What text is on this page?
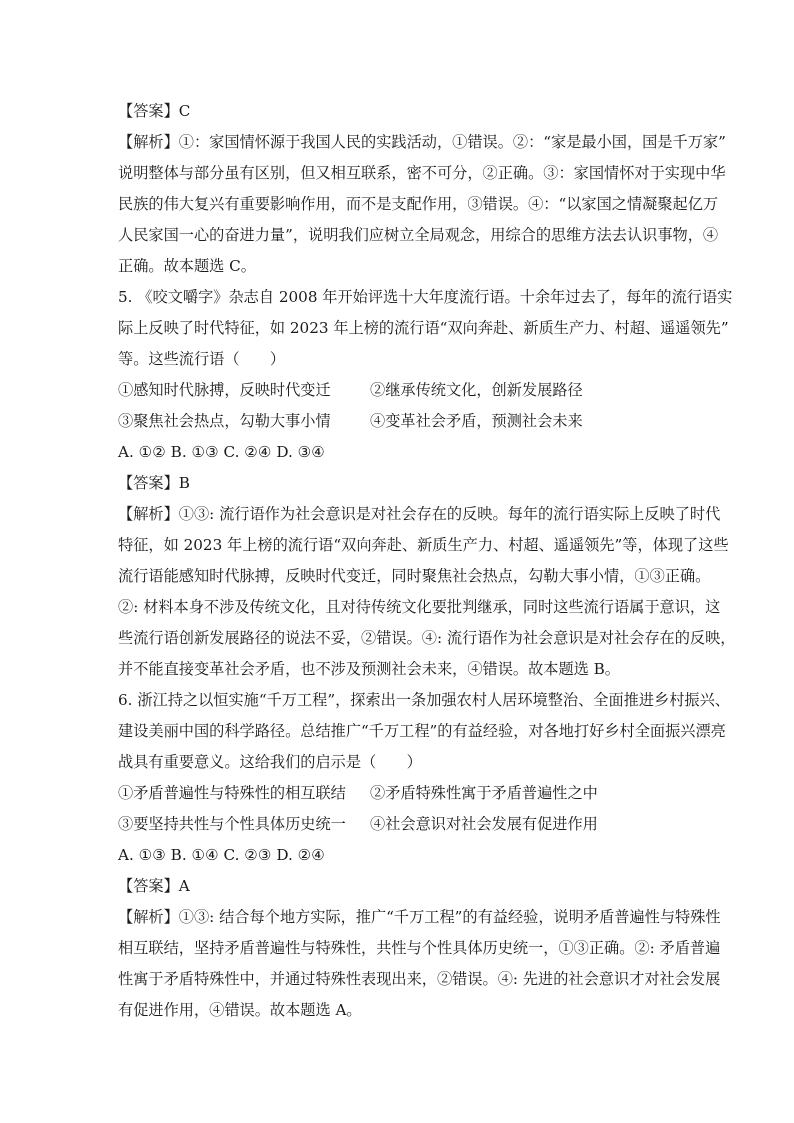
【答案】C
【解析】①：家国情怀源于我国人民的实践活动，①错误。②：“家是最小国，国是千万家”
说明整体与部分虽有区别，但又相互联系，密不可分，②正确。③：家国情怀对于实现中华
民族的伟大复兴有重要影响作用，而不是支配作用，③错误。④：“以家国之情凝聚起亿万
人民家国一心的奋进力量”，说明我们应树立全局观念，用综合的思维方法去认识事物，④
正确。故本题选 C。
5. 《咬文嚼字》杂志自 2008 年开始评选十大年度流行语。十余年过去了，每年的流行语实
际上反映了时代特征，如 2023 年上榜的流行语“双向奔赴、新质生产力、村超、遥遥领先”
等。这些流行语（　　）
①感知时代脉搏，反映时代变迁	②继承传统文化，创新发展路径
③聚焦社会热点，勾勒大事小情	④变革社会矛盾，预测社会未来
A. ①② B. ①③ C. ②④ D. ③④
【答案】B
【解析】①③: 流行语作为社会意识是对社会存在的反映。每年的流行语实际上反映了时代
特征，如 2023 年上榜的流行语“双向奔赴、新质生产力、村超、遥遥领先”等，体现了这些
流行语能感知时代脉搏，反映时代变迁，同时聚焦社会热点，勾勒大事小情，①③正确。
②: 材料本身不涉及传统文化，且对待传统文化要批判继承，同时这些流行语属于意识，这
些流行语创新发展路径的说法不妥，②错误。④: 流行语作为社会意识是对社会存在的反映，
并不能直接变革社会矛盾，也不涉及预测社会未来，④错误。故本题选 B。
6. 浙江持之以恒实施“千万工程”，探索出一条加强农村人居环境整治、全面推进乡村振兴、
建设美丽中国的科学路径。总结推广“千万工程”的有益经验，对各地打好乡村全面振兴漂亮
战具有重要意义。这给我们的启示是（　　）
①矛盾普遍性与特殊性的相互联结	②矛盾特殊性寓于矛盾普遍性之中
③要坚持共性与个性具体历史统一	④社会意识对社会发展有促进作用
A. ①③ B. ①④ C. ②③ D. ②④
【答案】A
【解析】①③: 结合每个地方实际，推广“千万工程”的有益经验，说明矛盾普遍性与特殊性
相互联结，坚持矛盾普遍性与特殊性，共性与个性具体历史统一，①③正确。②: 矛盾普遍
性寓于矛盾特殊性中，并通过特殊性表现出来，②错误。④: 先进的社会意识才对社会发展
有促进作用，④错误。故本题选 A。
